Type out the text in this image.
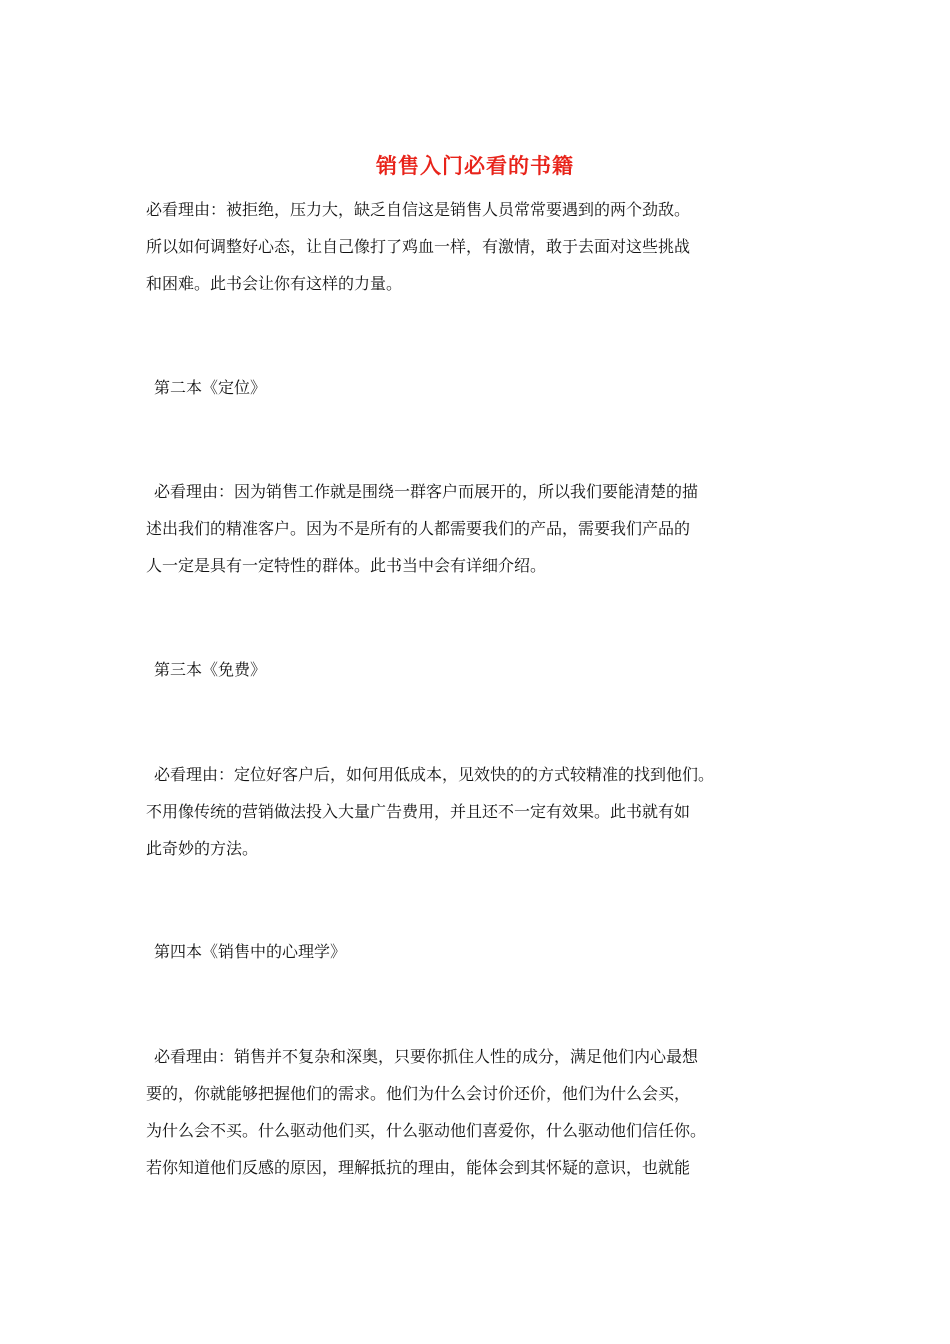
销售入门必看的书籍
必看理由：被拒绝，压力大，缺乏自信这是销售人员常常要遇到的两个劲敌。
所以如何调整好心态，让自己像打了鸡血一样，有激情，敢于去面对这些挑战
和困难。此书会让你有这样的力量。
第二本《定位》
必看理由：因为销售工作就是围绕一群客户而展开的，所以我们要能清楚的描
述出我们的精准客户。因为不是所有的人都需要我们的产品，需要我们产品的
人一定是具有一定特性的群体。此书当中会有详细介绍。
第三本《免费》
必看理由：定位好客户后，如何用低成本，见效快的的方式较精准的找到他们。
不用像传统的营销做法投入大量广告费用，并且还不一定有效果。此书就有如
此奇妙的方法。
第四本《销售中的心理学》
必看理由：销售并不复杂和深奥，只要你抓住人性的成分，满足他们内心最想
要的，你就能够把握他们的需求。他们为什么会讨价还价，他们为什么会买，
为什么会不买。什么驱动他们买，什么驱动他们喜爱你，什么驱动他们信任你。
若你知道他们反感的原因，理解抵抗的理由，能体会到其怀疑的意识，也就能
